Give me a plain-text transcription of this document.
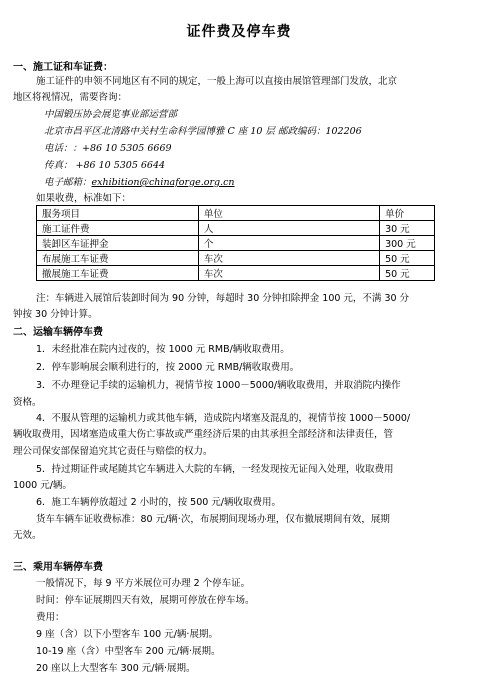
证件费及停车费
一、施工证和车证费：
施工证件的申领不同地区有不同的规定，一般上海可以直接由展馆管理部门发放，北京
地区将视情况，需要咨询：
中国锻压协会展览事业部运营部
北京市昌平区北清路中关村生命科学园博雅 C 座 10 层 邮政编码：102206
电话：：+86 10 5305 6669
传真： +86 10 5305 6644
电子邮箱：exhibition@chinaforge.org.cn
如果收费，标准如下：
服务项目	单位	单价
施工证件费	人	30 元
装卸区车证押金	个	300 元
布展施工车证费	车次	50 元
撤展施工车证费	车次	50 元
注：车辆进入展馆后装卸时间为 90 分钟，每超时 30 分钟扣除押金 100 元，不满 30 分
钟按 30 分钟计算。
二、运输车辆停车费
1．未经批准在院内过夜的，按 1000 元 RMB/辆收取费用。
2．停车影响展会顺利进行的，按 2000 元 RMB/辆收取费用。
3．不办理登记手续的运输机力，视情节按 1000－5000/辆收取费用，并取消院内操作
资格。
4．不服从管理的运输机力或其他车辆，造成院内堵塞及混乱的，视情节按 1000－5000/
辆收取费用，因堵塞造成重大伤亡事故或严重经济后果的由其承担全部经济和法律责任，管
理公司保安部保留追究其它责任与赔偿的权力。
5．持过期证件或尾随其它车辆进入大院的车辆，一经发现按无证闯入处理，收取费用
1000 元/辆。
6．施工车辆停放超过 2 小时的，按 500 元/辆收取费用。
货车车辆车证收费标准：80 元/辆·次，布展期间现场办理，仅布撤展期间有效，展期
无效。
三、乘用车辆停车费
一般情况下，每 9 平方米展位可办理 2 个停车证。
时间：停车证展期四天有效，展期可停放在停车场。
费用：
9 座（含）以下小型客车 100 元/辆·展期。
10-19 座（含）中型客车 200 元/辆·展期。
20 座以上大型客车 300 元/辆·展期。
